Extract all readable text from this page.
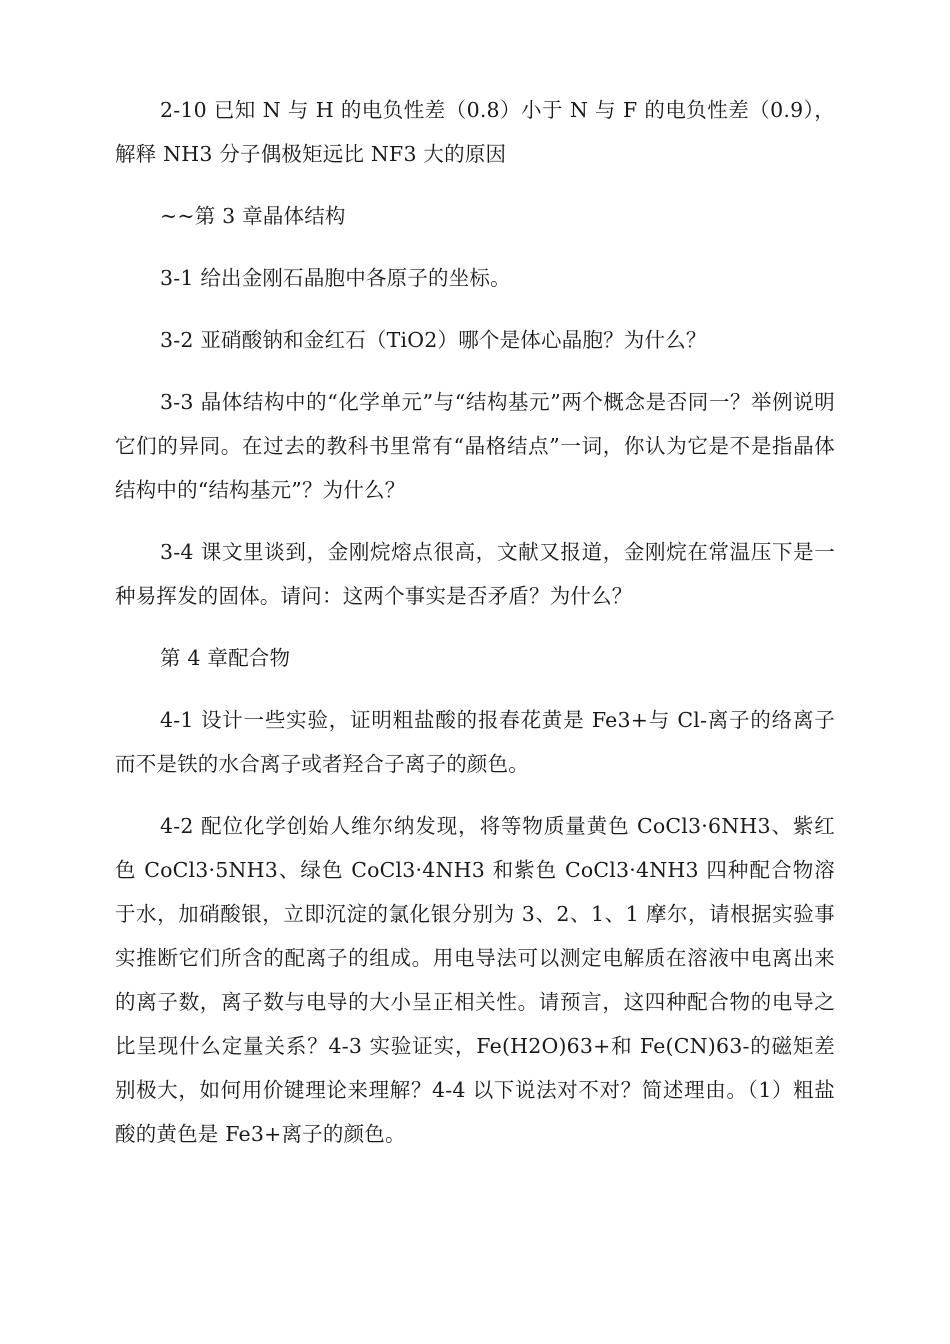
2-10 已知 N 与 H 的电负性差（0.8）小于 N 与 F 的电负性差（0.9），解释 NH3 分子偶极矩远比 NF3 大的原因

~~第 3 章晶体结构

3-1 给出金刚石晶胞中各原子的坐标。

3-2 亚硝酸钠和金红石（TiO2）哪个是体心晶胞？为什么？

3-3 晶体结构中的“化学单元”与“结构基元”两个概念是否同一？举例说明它们的异同。在过去的教科书里常有“晶格结点”一词，你认为它是不是指晶体结构中的“结构基元”？为什么？

3-4 课文里谈到，金刚烷熔点很高，文献又报道，金刚烷在常温压下是一种易挥发的固体。请问：这两个事实是否矛盾？为什么？

第 4 章配合物

4-1 设计一些实验，证明粗盐酸的报春花黄是 Fe3+与 Cl-离子的络离子而不是铁的水合离子或者羟合子离子的颜色。

4-2 配位化学创始人维尔纳发现，将等物质量黄色 CoCl3·6NH3、紫红色 CoCl3·5NH3、绿色 CoCl3·4NH3 和紫色 CoCl3·4NH3 四种配合物溶于水，加硝酸银，立即沉淀的氯化银分别为 3、2、1、1 摩尔，请根据实验事实推断它们所含的配离子的组成。用电导法可以测定电解质在溶液中电离出来的离子数，离子数与电导的大小呈正相关性。请预言，这四种配合物的电导之比呈现什么定量关系？4-3 实验证实，Fe(H2O)63+和 Fe(CN)63-的磁矩差别极大，如何用价键理论来理解？4-4 以下说法对不对？简述理由。（1）粗盐酸的黄色是 Fe3+离子的颜色。
